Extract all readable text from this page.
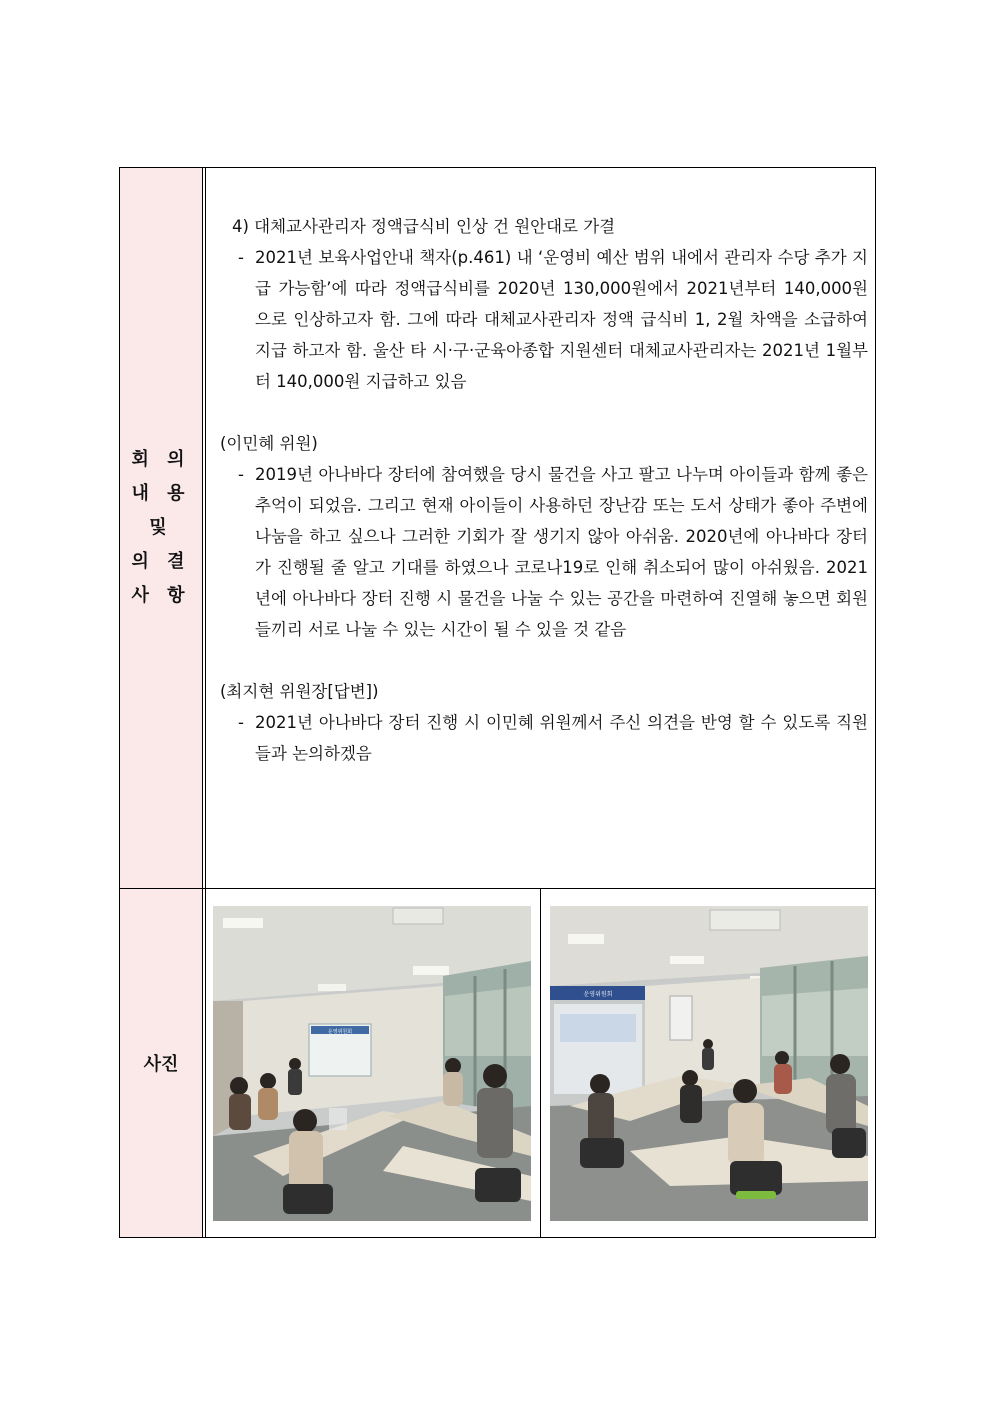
회 의
내 용
및
의 결
사 항

4) 대체교사관리자 정액급식비 인상 건 원안대로 가결

- 2021년 보육사업안내 책자(p.461) 내 ‘운영비 예산 범위 내에서 관리자 수당 추가 지급 가능함’에 따라 정액급식비를 2020년 130,000원에서 2021년부터 140,000원으로 인상하고자 함. 그에 따라 대체교사관리자 정액 급식비 1, 2월 차액을 소급하여 지급 하고자 함. 울산 타 시·구·군육아종합 지원센터 대체교사관리자는 2021년 1월부터 140,000원 지급하고 있음

(이민혜 위원)

- 2019년 아나바다 장터에 참여했을 당시 물건을 사고 팔고 나누며 아이들과 함께 좋은 추억이 되었음. 그리고 현재 아이들이 사용하던 장난감 또는 도서 상태가 좋아 주변에 나눔을 하고 싶으나 그러한 기회가 잘 생기지 않아 아쉬움. 2020년에 아나바다 장터가 진행될 줄 알고 기대를 하였으나 코로나19로 인해 취소되어 많이 아쉬웠음. 2021년에 아나바다 장터 진행 시 물건을 나눌 수 있는 공간을 마련하여 진열해 놓으면 회원들끼리 서로 나눌 수 있는 시간이 될 수 있을 것 같음

(최지현 위원장[답변])

- 2021년 아나바다 장터 진행 시 이민혜 위원께서 주신 의견을 반영 할 수 있도록 직원들과 논의하겠음
사진
운영위원회
운영위원회
